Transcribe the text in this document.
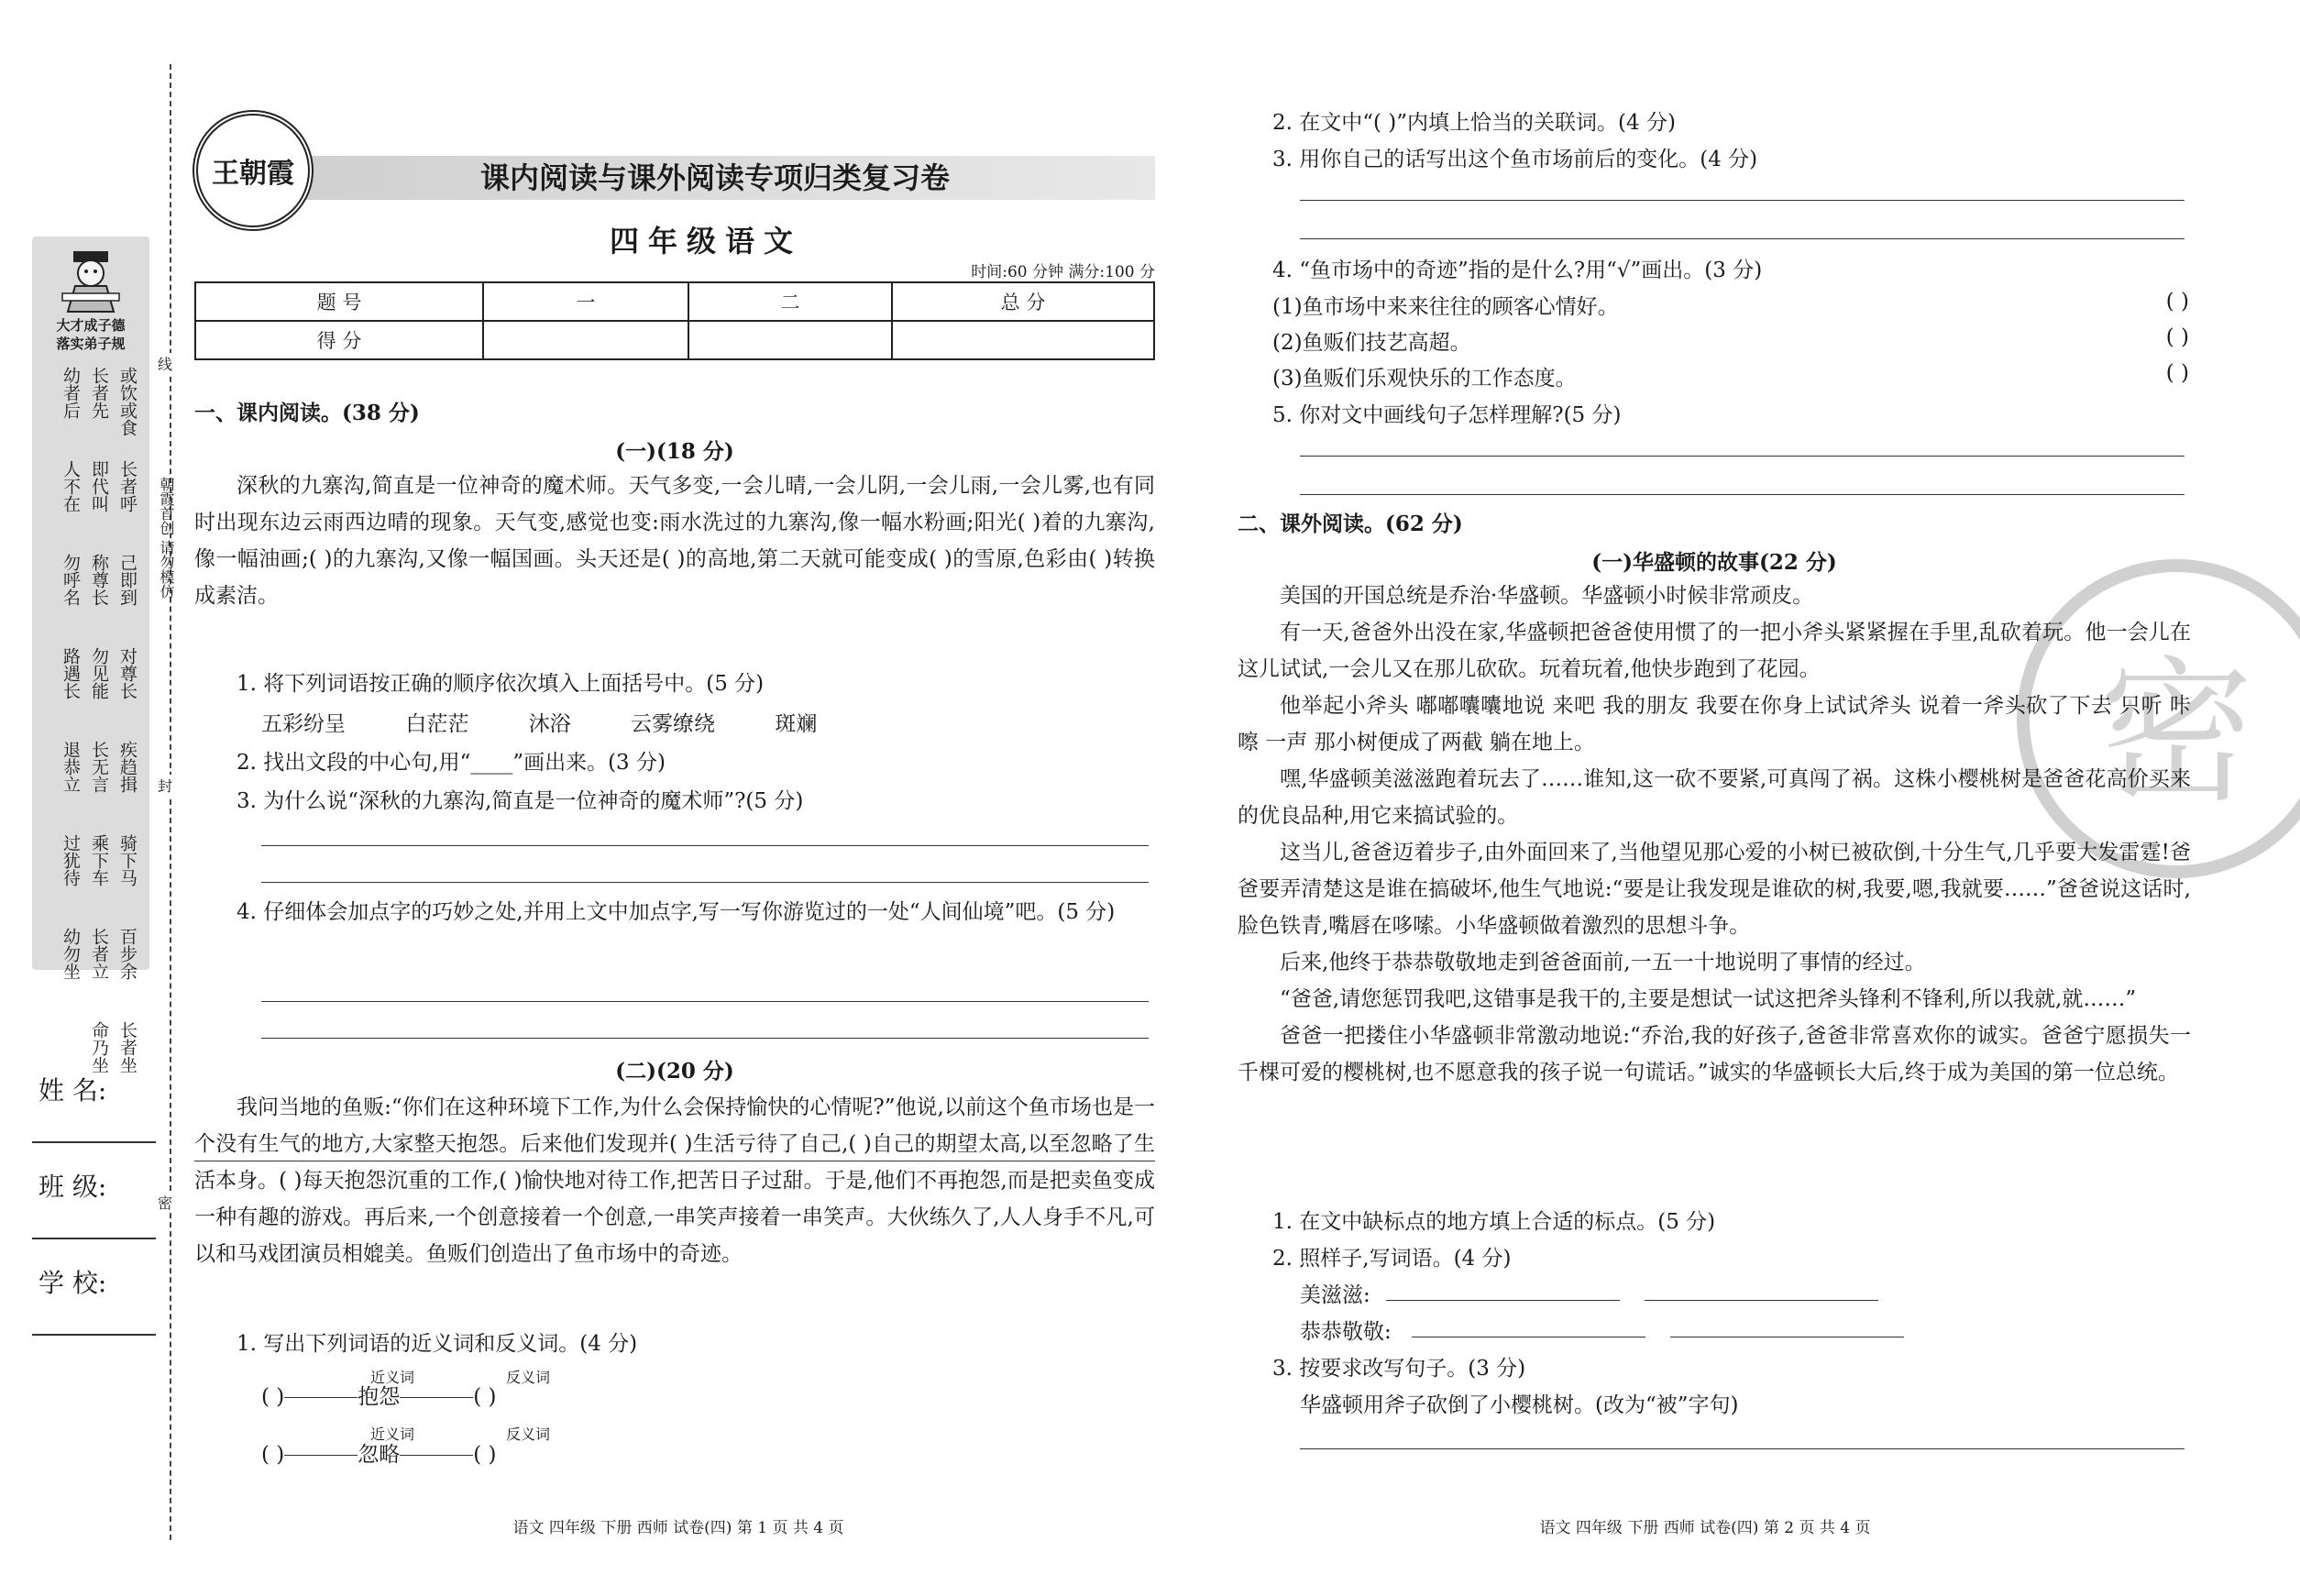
大才成子德
落实弟子规
或饮或食
长者先
幼者后
长者呼
即代叫
人不在
己即到
称尊长
勿呼名
对尊长
勿见能
路遇长
疾趋揖
长无言
退恭立
骑下马
乘下车
过犹待
百步余
长者立
幼勿坐
长者坐
命乃坐
朝霞首创 请勿模仿
线
封
密
姓 名:
班 级:
学 校:
王朝霞	课内阅读与课外阅读专项归类复习卷
四年级语文
时间:60 分钟 满分:100 分
题 号	一	二	总 分
得 分			
一、课内阅读。(38 分)
(一)(18 分)
深秋的九寨沟,简直是一位神奇的魔术师。天气多变,一会儿晴,一会儿阴,一会儿雨,一会儿雾,也有同时出现东边云雨西边晴的现象。天气变,感觉也变:雨水洗过的九寨沟,像一幅水粉画;阳光( )着的九寨沟,像一幅油画;( )的九寨沟,又像一幅国画。头天还是( )的高地,第二天就可能变成( )的雪原,色彩由( )转换成素洁。
1. 将下列词语按正确的顺序依次填入上面括号中。(5 分)
五彩纷呈	白茫茫	沐浴	云雾缭绕	斑斓
2. 找出文段的中心句,用“____”画出来。(3 分)
3. 为什么说“深秋的九寨沟,简直是一位神奇的魔术师”?(5 分)
4. 仔细体会加点字的巧妙之处,并用上文中加点字,写一写你游览过的一处“人间仙境”吧。(5 分)
(二)(20 分)
我问当地的鱼贩:“你们在这种环境下工作,为什么会保持愉快的心情呢?”他说,以前这个鱼市场也是一个没有生气的地方,大家整天抱怨。后来他们发现并( )生活亏待了自己,( )自己的期望太高,以至忽略了生活本身。( )每天抱怨沉重的工作,( )愉快地对待工作,把苦日子过甜。于是,他们不再抱怨,而是把卖鱼变成一种有趣的游戏。再后来,一个创意接着一个创意,一串笑声接着一串笑声。大伙练久了,人人身手不凡,可以和马戏团演员相媲美。鱼贩们创造出了鱼市场中的奇迹。
1. 写出下列词语的近义词和反义词。(4 分)
( )	抱怨	( )
近义词	反义词
( )	忽略	( )
近义词	反义词
语文 四年级 下册 西师 试卷(四) 第 1 页 共 4 页
密
2. 在文中“( )”内填上恰当的关联词。(4 分)
3. 用你自己的话写出这个鱼市场前后的变化。(4 分)
4. “鱼市场中的奇迹”指的是什么?用“√”画出。(3 分)
(1)鱼市场中来来往往的顾客心情好。	( )
(2)鱼贩们技艺高超。	( )
(3)鱼贩们乐观快乐的工作态度。	( )
5. 你对文中画线句子怎样理解?(5 分)
二、课外阅读。(62 分)
(一)华盛顿的故事(22 分)
美国的开国总统是乔治·华盛顿。华盛顿小时候非常顽皮。
有一天,爸爸外出没在家,华盛顿把爸爸使用惯了的一把小斧头紧紧握在手里,乱砍着玩。他一会儿在这儿试试,一会儿又在那儿砍砍。玩着玩着,他快步跑到了花园。
他举起小斧头 嘟嘟囔囔地说 来吧 我的朋友 我要在你身上试试斧头 说着一斧头砍了下去 只听 咔嚓 一声 那小树便成了两截 躺在地上。
嘿,华盛顿美滋滋跑着玩去了……谁知,这一砍不要紧,可真闯了祸。这株小樱桃树是爸爸花高价买来的优良品种,用它来搞试验的。
这当儿,爸爸迈着步子,由外面回来了,当他望见那心爱的小树已被砍倒,十分生气,几乎要大发雷霆!爸爸要弄清楚这是谁在搞破坏,他生气地说:“要是让我发现是谁砍的树,我要,嗯,我就要……”爸爸说这话时,脸色铁青,嘴唇在哆嗦。小华盛顿做着激烈的思想斗争。
后来,他终于恭恭敬敬地走到爸爸面前,一五一十地说明了事情的经过。
“爸爸,请您惩罚我吧,这错事是我干的,主要是想试一试这把斧头锋利不锋利,所以我就,就……”
爸爸一把搂住小华盛顿非常激动地说:“乔治,我的好孩子,爸爸非常喜欢你的诚实。爸爸宁愿损失一千棵可爱的樱桃树,也不愿意我的孩子说一句谎话。”诚实的华盛顿长大后,终于成为美国的第一位总统。
1. 在文中缺标点的地方填上合适的标点。(5 分)
2. 照样子,写词语。(4 分)
美滋滋:
恭恭敬敬:
3. 按要求改写句子。(3 分)
华盛顿用斧子砍倒了小樱桃树。(改为“被”字句)
语文 四年级 下册 西师 试卷(四) 第 2 页 共 4 页
